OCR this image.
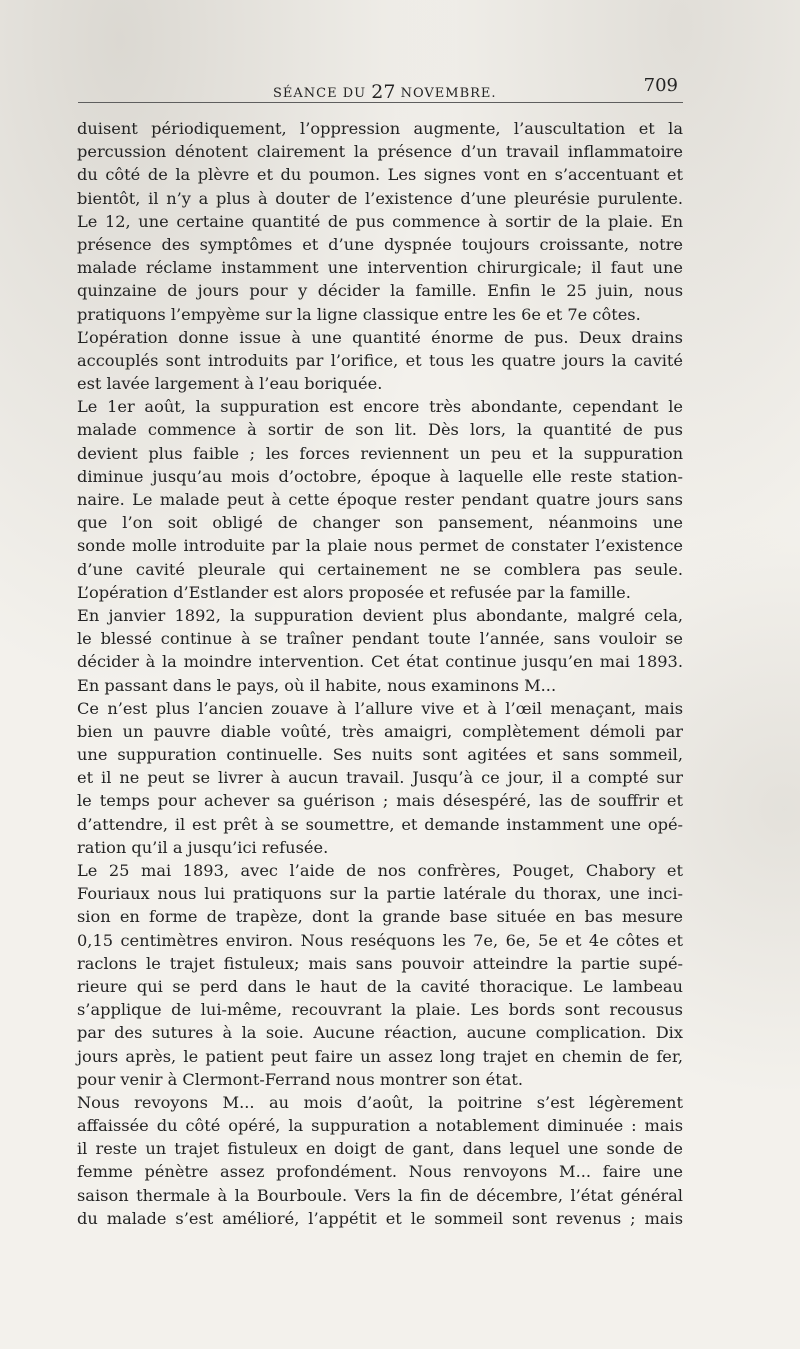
SÉANCE DU 27 NOVEMBRE.	709
duisent périodiquement, l’oppression augmente, l’auscultation et la
percussion dénotent clairement la présence d’un travail inflammatoire
du côté de la plèvre et du poumon. Les signes vont en s’accentuant et
bientôt, il n’y a plus à douter de l’existence d’une pleurésie purulente.
Le 12, une certaine quantité de pus commence à sortir de la plaie. En
présence des symptômes et d’une dyspnée toujours croissante, notre
malade réclame instamment une intervention chirurgicale; il faut une
quinzaine de jours pour y décider la famille. Enfin le 25 juin, nous
pratiquons l’empyème sur la ligne classique entre les 6e et 7e côtes.
L’opération donne issue à une quantité énorme de pus. Deux drains
accouplés sont introduits par l’orifice, et tous les quatre jours la cavité
est lavée largement à l’eau boriquée.
Le 1er août, la suppuration est encore très abondante, cependant le
malade commence à sortir de son lit. Dès lors, la quantité de pus
devient plus faible ; les forces reviennent un peu et la suppuration
diminue jusqu’au mois d’octobre, époque à laquelle elle reste station-
naire. Le malade peut à cette époque rester pendant quatre jours sans
que l’on soit obligé de changer son pansement, néanmoins une
sonde molle introduite par la plaie nous permet de constater l’existence
d’une cavité pleurale qui certainement ne se comblera pas seule.
L’opération d’Estlander est alors proposée et refusée par la famille.
En janvier 1892, la suppuration devient plus abondante, malgré cela,
le blessé continue à se traîner pendant toute l’année, sans vouloir se
décider à la moindre intervention. Cet état continue jusqu’en mai 1893.
En passant dans le pays, où il habite, nous examinons M...
Ce n’est plus l’ancien zouave à l’allure vive et à l’œil menaçant, mais
bien un pauvre diable voûté, très amaigri, complètement démoli par
une suppuration continuelle. Ses nuits sont agitées et sans sommeil,
et il ne peut se livrer à aucun travail. Jusqu’à ce jour, il a compté sur
le temps pour achever sa guérison ; mais désespéré, las de souffrir et
d’attendre, il est prêt à se soumettre, et demande instamment une opé-
ration qu’il a jusqu’ici refusée.
Le 25 mai 1893, avec l’aide de nos confrères, Pouget, Chabory et
Fouriaux nous lui pratiquons sur la partie latérale du thorax, une inci-
sion en forme de trapèze, dont la grande base située en bas mesure
0,15 centimètres environ. Nous reséquons les 7e, 6e, 5e et 4e côtes et
raclons le trajet fistuleux; mais sans pouvoir atteindre la partie supé-
rieure qui se perd dans le haut de la cavité thoracique. Le lambeau
s’applique de lui-même, recouvrant la plaie. Les bords sont recousus
par des sutures à la soie. Aucune réaction, aucune complication. Dix
jours après, le patient peut faire un assez long trajet en chemin de fer,
pour venir à Clermont-Ferrand nous montrer son état.
Nous revoyons M... au mois d’août, la poitrine s’est légèrement
affaissée du côté opéré, la suppuration a notablement diminuée : mais
il reste un trajet fistuleux en doigt de gant, dans lequel une sonde de
femme pénètre assez profondément. Nous renvoyons M... faire une
saison thermale à la Bourboule. Vers la fin de décembre, l’état général
du malade s’est amélioré, l’appétit et le sommeil sont revenus ; mais
